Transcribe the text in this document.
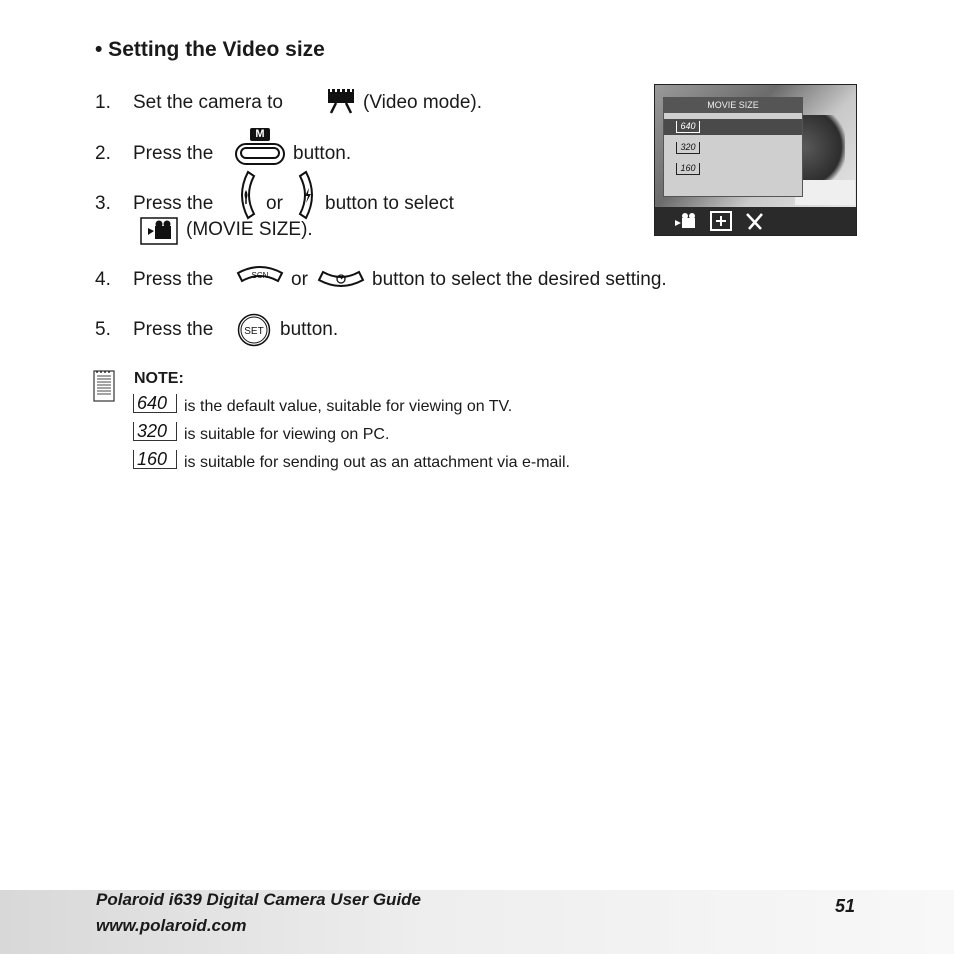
• Setting the Video size
1. Set the camera to	(Video mode).
2. Press the
M
button.
3. Press the	or button to select
(MOVIE SIZE).
4. Press the	SCN or	button to select the desired setting.
5. Press the	SET button.
MOVIE SIZE
640
320
160
NOTE:
640 is the default value, suitable for viewing on TV.
320 is suitable for viewing on PC.
160 is suitable for sending out as an attachment via e-mail.
Polaroid i639 Digital Camera User Guide
www.polaroid.com
51
